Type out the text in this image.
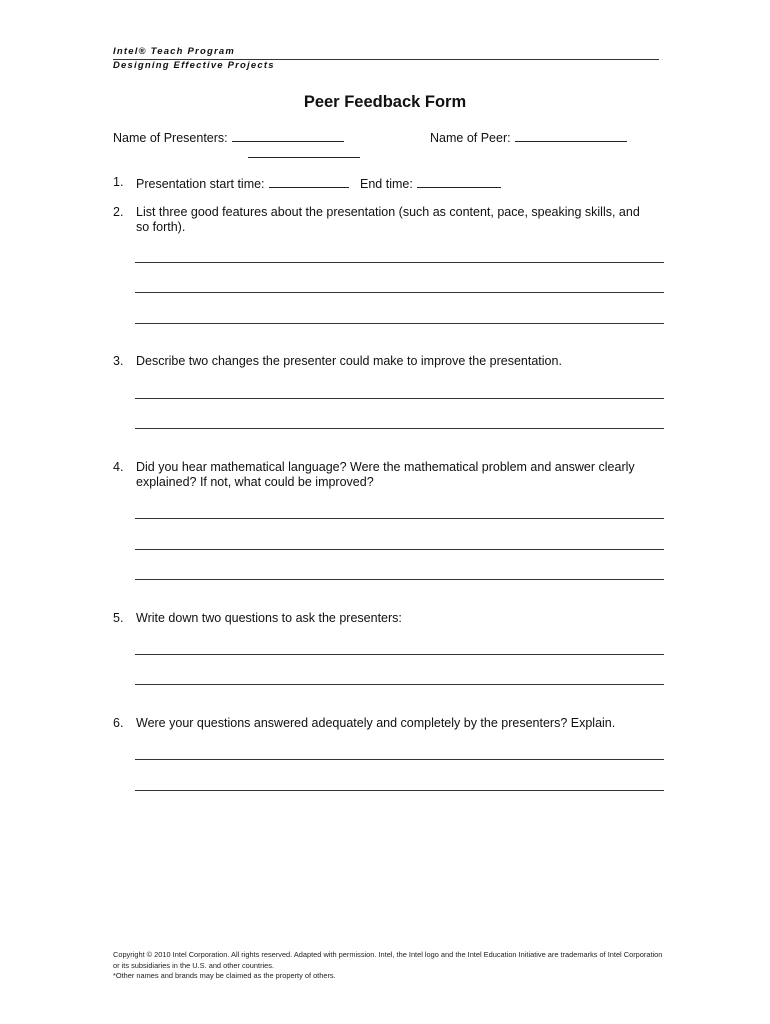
Intel® Teach Program
Designing Effective Projects
Peer Feedback Form
Name of Presenters:	Name of Peer:
1. Presentation start time:	End time:
2. List three good features about the presentation (such as content, pace, speaking skills, and
so forth).
3. Describe two changes the presenter could make to improve the presentation.
4. Did you hear mathematical language? Were the mathematical problem and answer clearly
explained? If not, what could be improved?
5. Write down two questions to ask the presenters:
6. Were your questions answered adequately and completely by the presenters? Explain.
Copyright © 2010 Intel Corporation. All rights reserved. Adapted with permission. Intel, the Intel logo and the Intel Education Initiative are trademarks of Intel Corporation
or its subsidiaries in the U.S. and other countries.
*Other names and brands may be claimed as the property of others.
